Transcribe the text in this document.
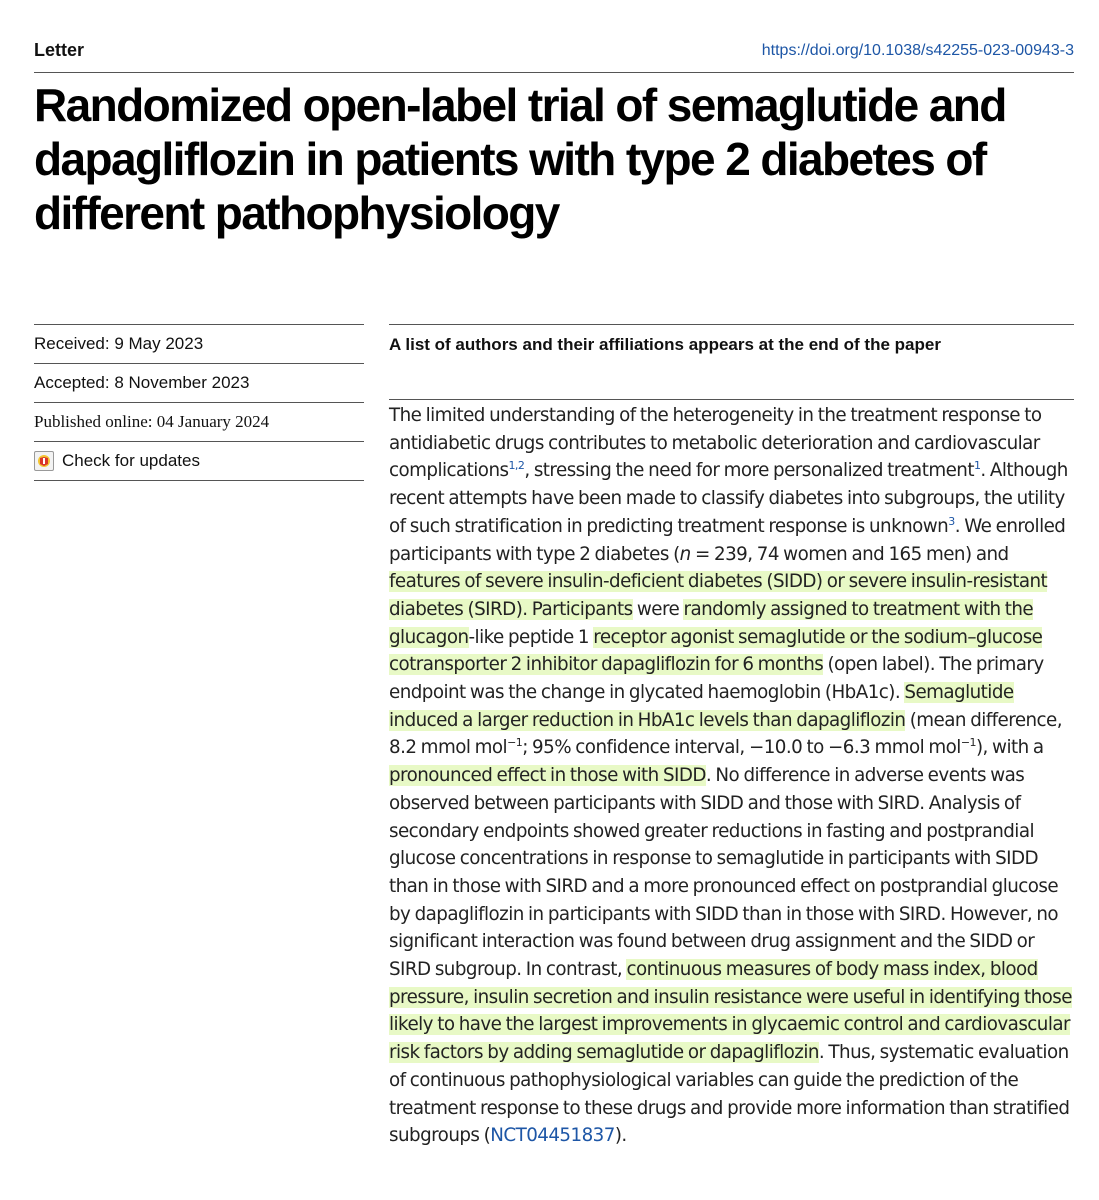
Letter	https://doi.org/10.1038/s42255-023-00943-3
Randomized open-label trial of semaglutide and dapagliflozin in patients with type 2 diabetes of different pathophysiology
Received: 9 May 2023
Accepted: 8 November 2023
Published online: 04 January 2024
Check for updates
A list of authors and their affiliations appears at the end of the paper

The limited understanding of the heterogeneity in the treatment response to antidiabetic drugs contributes to metabolic deterioration and cardiovascular complications$^{1,2}$, stressing the need for more personalized treatment$^1$. Although recent attempts have been made to classify diabetes into subgroups, the utility of such stratification in predicting treatment response is unknown$^3$. We enrolled participants with type 2 diabetes (n = 239, 74 women and 165 men) and features of severe insulin-deficient diabetes (SIDD) or severe insulin-resistant diabetes (SIRD). Participants were randomly assigned to treatment with the glucagon-like peptide 1 receptor agonist semaglutide or the sodium–glucose cotransporter 2 inhibitor dapagliflozin for 6 months (open label). The primary endpoint was the change in glycated haemoglobin (HbA1c). Semaglutide induced a larger reduction in HbA1c levels than dapagliflozin (mean difference, 8.2 mmol mol$^{-1}$; 95% confidence interval, −10.0 to −6.3 mmol mol$^{-1}$), with a pronounced effect in those with SIDD. No difference in adverse events was observed between participants with SIDD and those with SIRD. Analysis of secondary endpoints showed greater reductions in fasting and postprandial glucose concentrations in response to semaglutide in participants with SIDD than in those with SIRD and a more pronounced effect on postprandial glucose by dapagliflozin in participants with SIDD than in those with SIRD. However, no significant interaction was found between drug assignment and the SIDD or SIRD subgroup. In contrast, continuous measures of body mass index, blood pressure, insulin secretion and insulin resistance were useful in identifying those likely to have the largest improvements in glycaemic control and cardiovascular risk factors by adding semaglutide or dapagliflozin. Thus, systematic evaluation of continuous pathophysiological variables can guide the prediction of the treatment response to these drugs and provide more information than stratified subgroups (NCT04451837).
